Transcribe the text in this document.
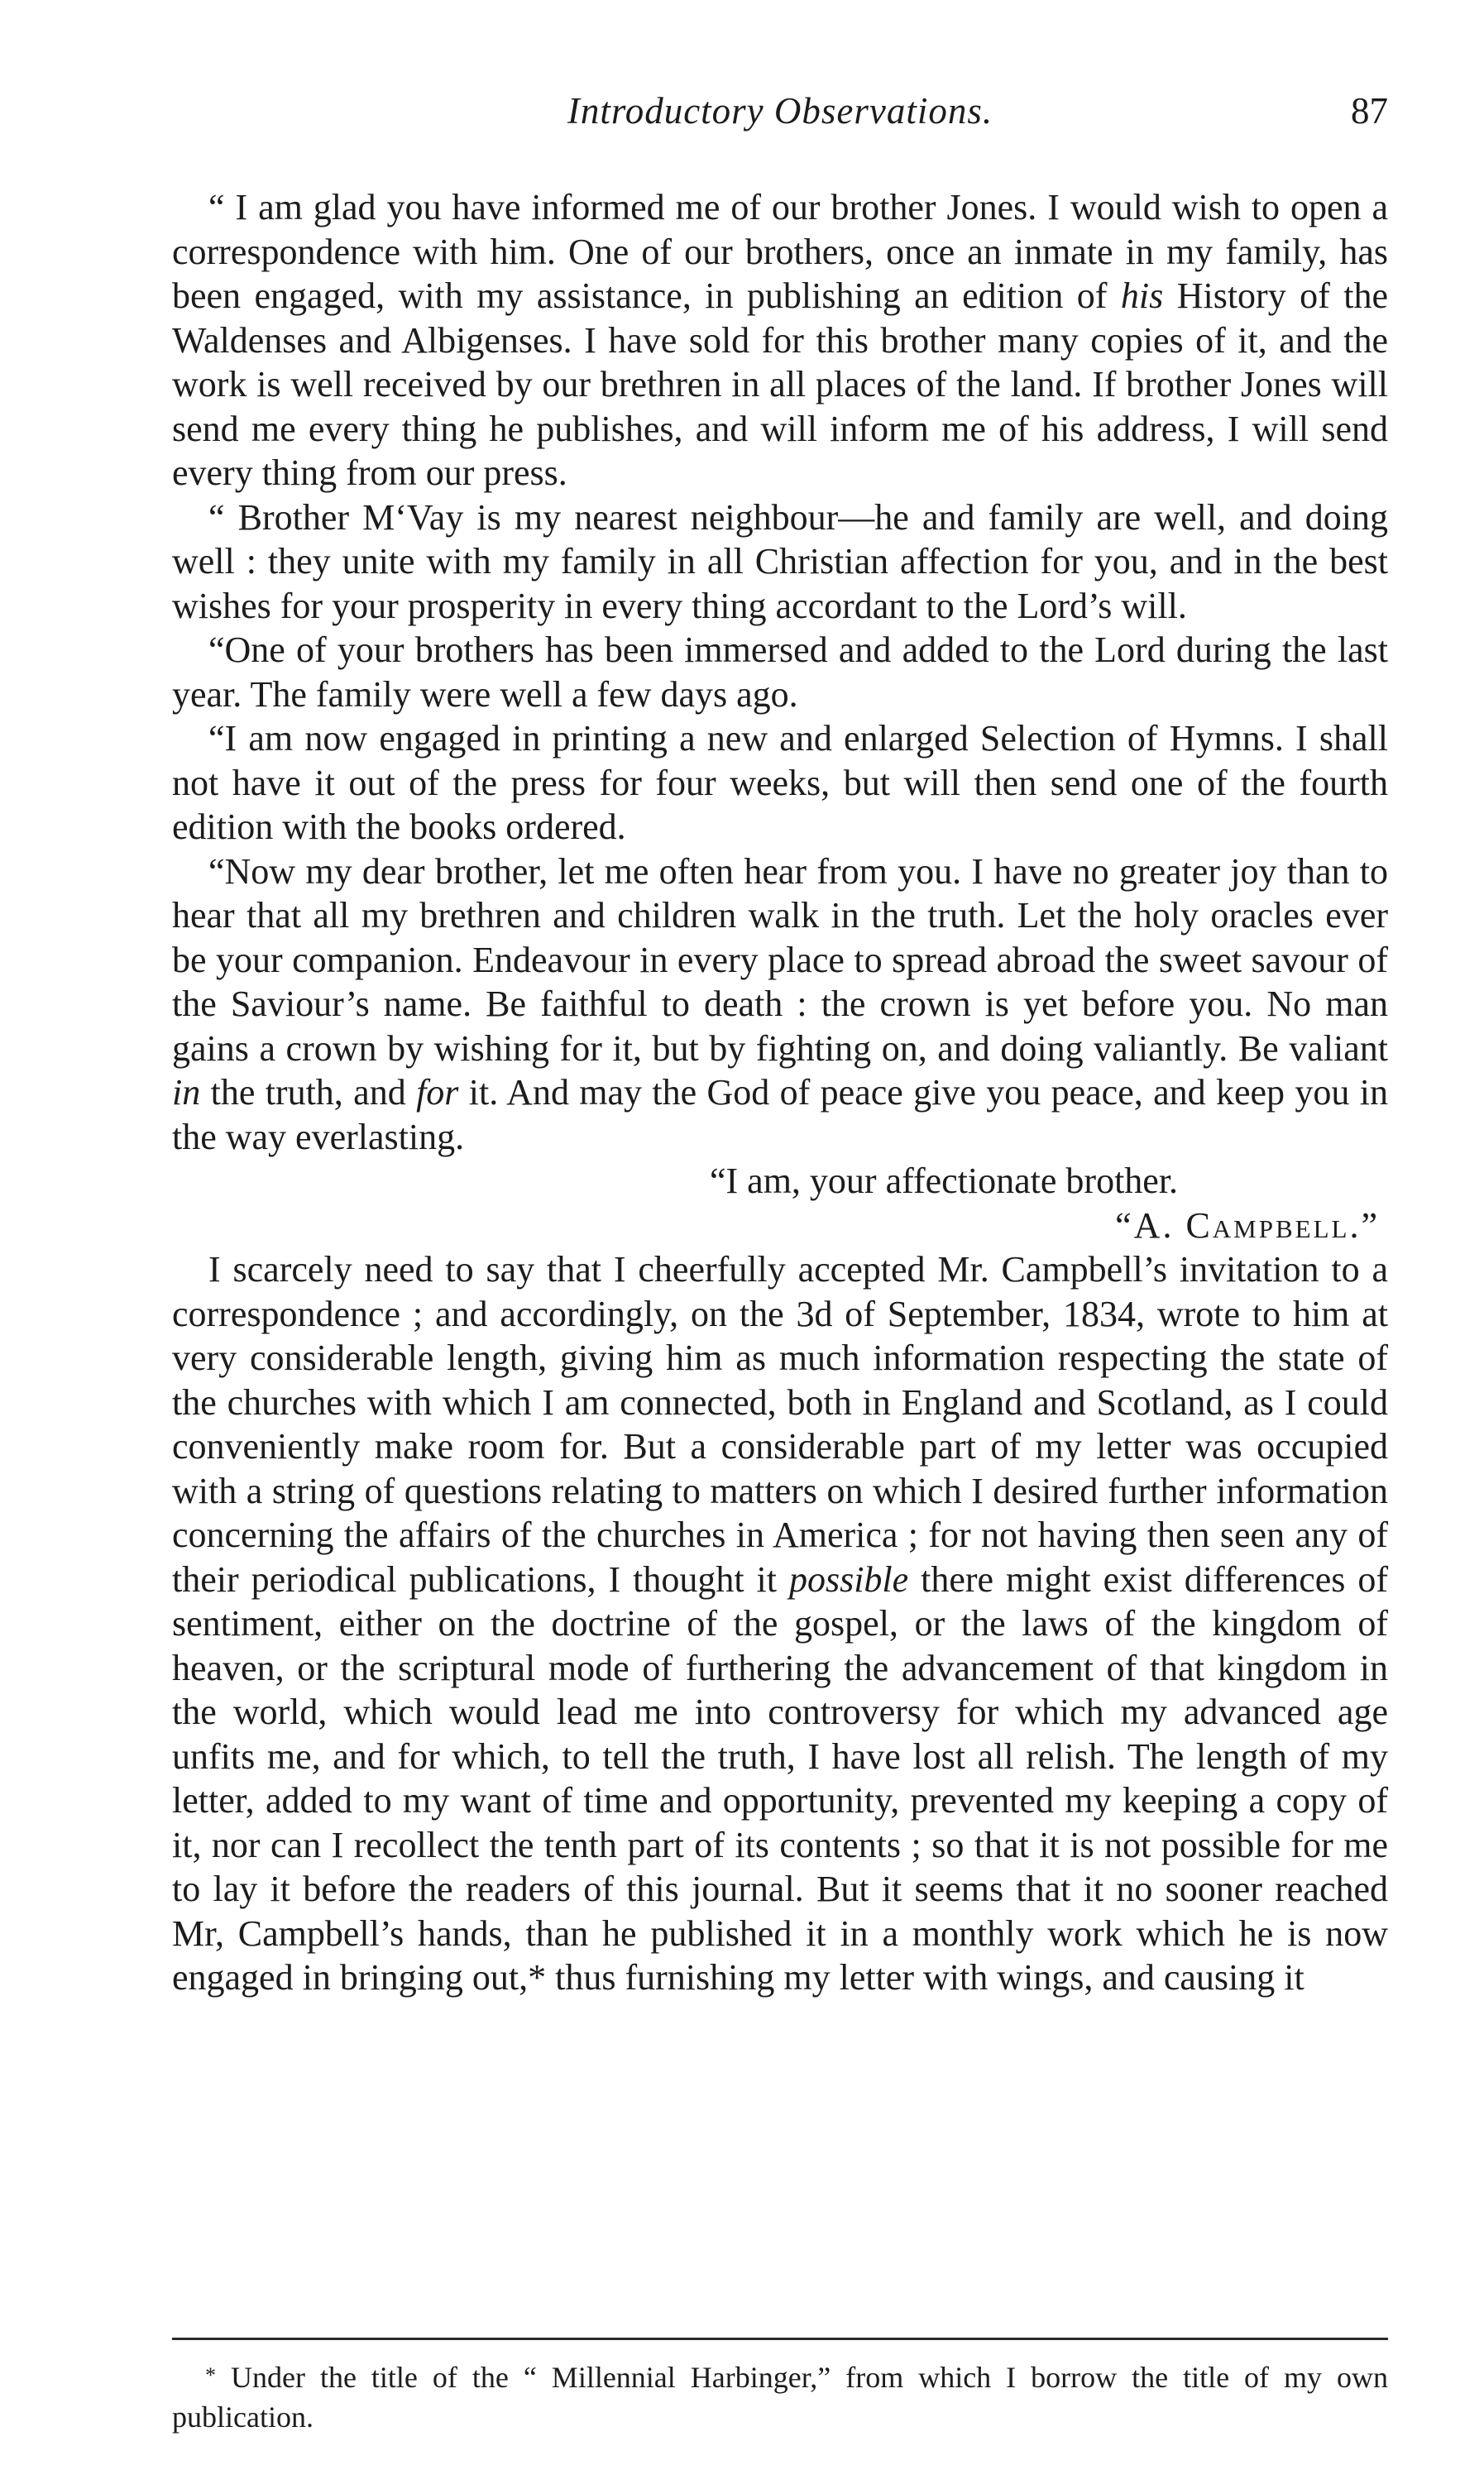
Introductory Observations.	87

“ I am glad you have informed me of our brother Jones. I would wish to open a correspondence with him. One of our brothers, once an inmate in my family, has been engaged, with my assistance, in publishing an edition of his History of the Waldenses and Albigenses. I have sold for this brother many copies of it, and the work is well received by our brethren in all places of the land. If brother Jones will send me every thing he publishes, and will inform me of his address, I will send every thing from our press.

“ Brother M‘Vay is my nearest neighbour—he and family are well, and doing well : they unite with my family in all Christian affection for you, and in the best wishes for your prosperity in every thing accordant to the Lord’s will.

“One of your brothers has been immersed and added to the Lord during the last year. The family were well a few days ago.

“I am now engaged in printing a new and enlarged Selection of Hymns. I shall not have it out of the press for four weeks, but will then send one of the fourth edition with the books ordered.

“Now my dear brother, let me often hear from you. I have no greater joy than to hear that all my brethren and children walk in the truth. Let the holy oracles ever be your companion. Endeavour in every place to spread abroad the sweet savour of the Saviour’s name. Be faithful to death : the crown is yet before you. No man gains a crown by wishing for it, but by fighting on, and doing valiantly. Be valiant in the truth, and for it. And may the God of peace give you peace, and keep you in the way everlasting.

“I am, your affectionate brother.

“A. Campbell.”

I scarcely need to say that I cheerfully accepted Mr. Campbell’s invitation to a correspondence ; and accordingly, on the 3d of September, 1834, wrote to him at very considerable length, giving him as much information respecting the state of the churches with which I am connected, both in England and Scotland, as I could conveniently make room for. But a considerable part of my letter was occupied with a string of questions relating to matters on which I desired further information concerning the affairs of the churches in America ; for not having then seen any of their periodical publications, I thought it possible there might exist differences of sentiment, either on the doctrine of the gospel, or the laws of the kingdom of heaven, or the scriptural mode of furthering the advancement of that kingdom in the world, which would lead me into controversy for which my advanced age unfits me, and for which, to tell the truth, I have lost all relish. The length of my letter, added to my want of time and opportunity, prevented my keeping a copy of it, nor can I recollect the tenth part of its contents ; so that it is not possible for me to lay it before the readers of this journal. But it seems that it no sooner reached Mr, Campbell’s hands, than he published it in a monthly work which he is now engaged in bringing out,* thus furnishing my letter with wings, and causing it

* Under the title of the “ Millennial Harbinger,” from which I borrow the title of my own publication.
